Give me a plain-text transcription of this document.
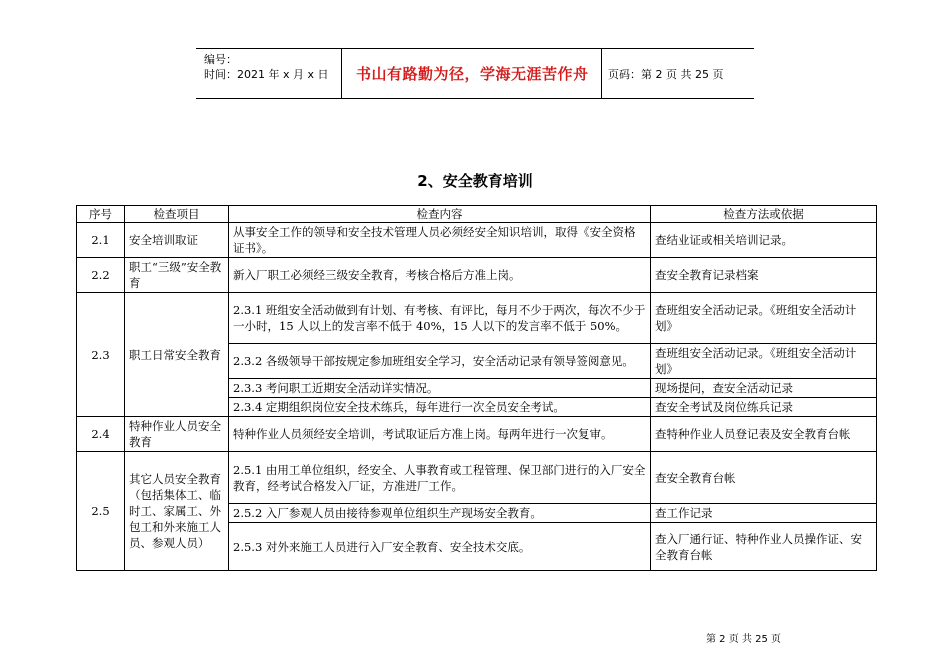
编号：
时间：2021 年 x 月 x 日 书山有路勤为径，学海无涯苦作舟 页码：第 2 页 共 25 页
2、安全教育培训
序号	检查项目	检查内容	检查方法或依据
2.1	安全培训取证	从事安全工作的领导和安全技术管理人员必须经安全知识培训，取得《安全资格证书》。	查结业证或相关培训记录。
2.2	职工“三级”安全教育	新入厂职工必须经三级安全教育，考核合格后方准上岗。	查安全教育记录档案
2.3	职工日常安全教育	2.3.1 班组安全活动做到有计划、有考核、有评比，每月不少于两次，每次不少于一小时，15 人以上的发言率不低于 40%，15 人以下的发言率不低于 50%。	查班组安全活动记录。《班组安全活动计划》
		2.3.2 各级领导干部按规定参加班组安全学习，安全活动记录有领导签阅意见。	查班组安全活动记录。《班组安全活动计划》
		2.3.3 考问职工近期安全活动详实情况。	现场提问，查安全活动记录
		2.3.4 定期组织岗位安全技术练兵，每年进行一次全员安全考试。	查安全考试及岗位练兵记录
2.4	特种作业人员安全教育	特种作业人员须经安全培训，考试取证后方准上岗。每两年进行一次复审。	查特种作业人员登记表及安全教育台帐
2.5	其它人员安全教育（包括集体工、临时工、家属工、外包工和外来施工人员、参观人员）	2.5.1 由用工单位组织，经安全、人事教育或工程管理、保卫部门进行的入厂安全教育，经考试合格发入厂证，方准进厂工作。	查安全教育台帐
		2.5.2 入厂参观人员由接待参观单位组织生产现场安全教育。	查工作记录
		2.5.3 对外来施工人员进行入厂安全教育、安全技术交底。	查入厂通行证、特种作业人员操作证、安全教育台帐
第 2 页 共 25 页
